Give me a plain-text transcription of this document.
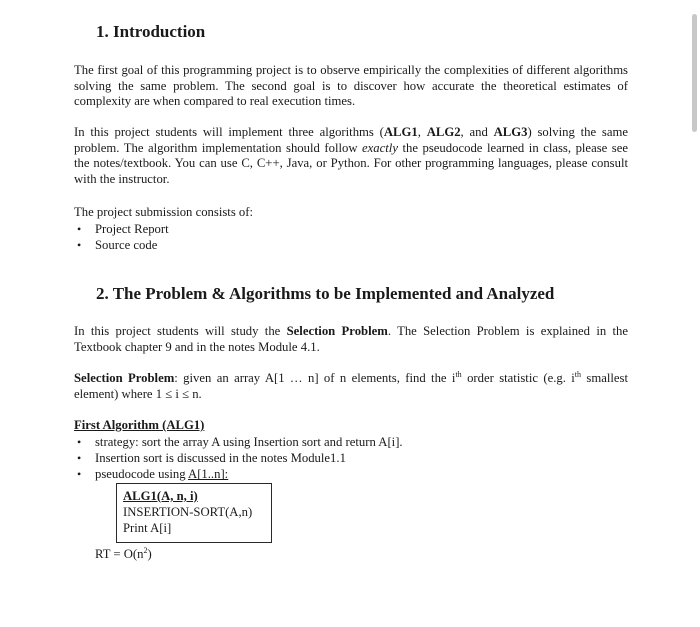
1. Introduction

The first goal of this programming project is to observe empirically the complexities of different algorithms solving the same problem. The second goal is to discover how accurate the theoretical estimates of complexity are when compared to real execution times.

In this project students will implement three algorithms (ALG1, ALG2, and ALG3) solving the same problem. The algorithm implementation should follow exactly the pseudocode learned in class, please see the notes/textbook. You can use C, C++, Java, or Python. For other programming languages, please consult with the instructor.

The project submission consists of:

• Project Report
• Source code
2. The Problem & Algorithms to be Implemented and Analyzed

In this project students will study the Selection Problem. The Selection Problem is explained in the Textbook chapter 9 and in the notes Module 4.1.

Selection Problem: given an array A[1 … n] of n elements, find the $i^{th}$ order statistic (e.g. $i^{th}$ smallest element) where 1 ≤ i ≤ n.

First Algorithm (ALG1)

• strategy: sort the array A using Insertion sort and return A[i].
• Insertion sort is discussed in the notes Module1.1
• pseudocode using A[1..n]:
ALG1(A, n, i)
INSERTION-SORT(A,n)
Print A[i]

RT = $O(n^2)$
